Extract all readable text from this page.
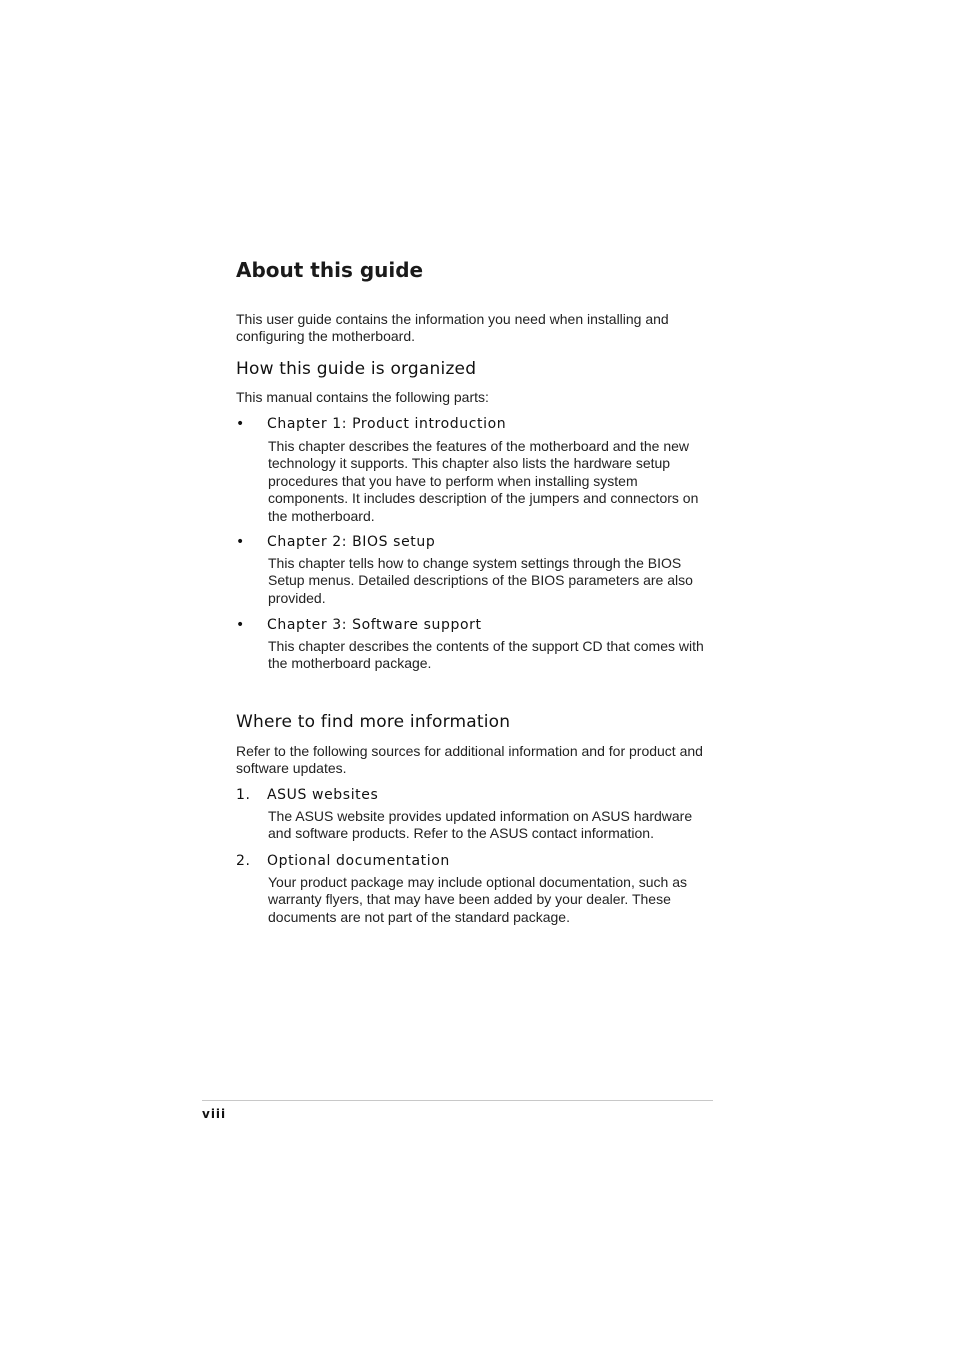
About this guide

This user guide contains the information you need when installing and configuring the motherboard.

How this guide is organized

This manual contains the following parts:

• Chapter 1: Product introduction

This chapter describes the features of the motherboard and the new technology it supports. This chapter also lists the hardware setup procedures that you have to perform when installing system components. It includes description of the jumpers and connectors on the motherboard.

• Chapter 2: BIOS setup

This chapter tells how to change system settings through the BIOS Setup menus. Detailed descriptions of the BIOS parameters are also provided.

• Chapter 3: Software support

This chapter describes the contents of the support CD that comes with the motherboard package.

Where to find more information

Refer to the following sources for additional information and for product and software updates.

1. ASUS websites

The ASUS website provides updated information on ASUS hardware and software products. Refer to the ASUS contact information.

2. Optional documentation

Your product package may include optional documentation, such as warranty flyers, that may have been added by your dealer. These documents are not part of the standard package.

viii
